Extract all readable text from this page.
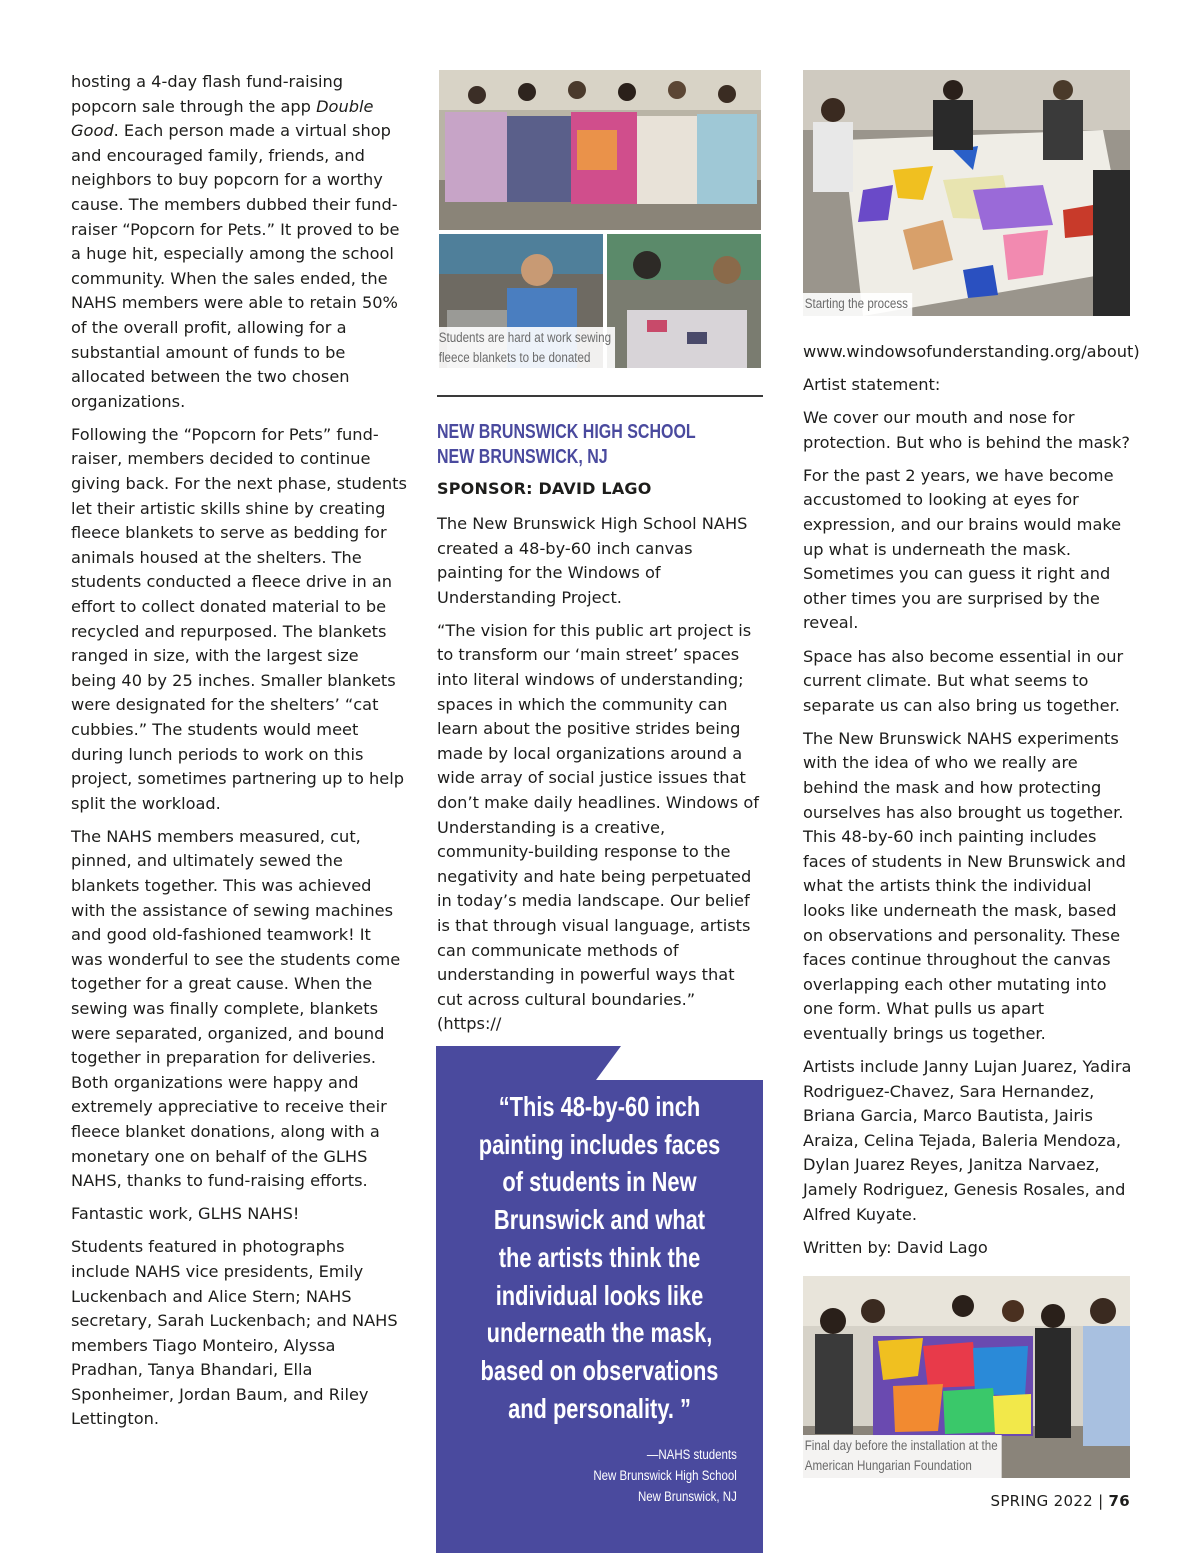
hosting a 4-day flash fund-raising popcorn sale through the app Double Good. Each person made a virtual shop and encouraged family, friends, and neighbors to buy popcorn for a worthy cause. The members dubbed their fund-raiser “Popcorn for Pets.” It proved to be a huge hit, especially among the school community. When the sales ended, the NAHS members were able to retain 50% of the overall profit, allowing for a substantial amount of funds to be allocated between the two chosen organizations.

Following the “Popcorn for Pets” fund-raiser, members decided to continue giving back. For the next phase, students let their artistic skills shine by creating fleece blankets to serve as bedding for animals housed at the shelters. The students conducted a fleece drive in an effort to collect donated material to be recycled and repurposed. The blankets ranged in size, with the largest size being 40 by 25 inches. Smaller blankets were designated for the shelters’ “cat cubbies.” The students would meet during lunch periods to work on this project, sometimes partnering up to help split the workload.

The NAHS members measured, cut, pinned, and ultimately sewed the blankets together. This was achieved with the assistance of sewing machines and good old-fashioned teamwork! It was wonderful to see the students come together for a great cause. When the sewing was finally complete, blankets were separated, organized, and bound together in preparation for deliveries. Both organizations were happy and extremely appreciative to receive their fleece blanket donations, along with a monetary one on behalf of the GLHS NAHS, thanks to fund-raising efforts.

Fantastic work, GLHS NAHS!

Students featured in photographs include NAHS vice presidents, Emily Luckenbach and Alice Stern; NAHS secretary, Sarah Luckenbach; and NAHS members Tiago Monteiro, Alyssa Pradhan, Tanya Bhandari, Ella Sponheimer, Jordan Baum, and Riley Lettington.

Students are hard at work sewing
fleece blankets to be donated
NEW BRUNSWICK HIGH SCHOOL
NEW BRUNSWICK, NJ
SPONSOR: DAVID LAGO

The New Brunswick High School NAHS created a 48-by-60 inch canvas painting for the Windows of Understanding Project.

“The vision for this public art project is to transform our ‘main street’ spaces into literal windows of understanding; spaces in which the community can learn about the positive strides being made by local organizations around a wide array of social justice issues that don’t make daily headlines. Windows of Understanding is a creative, community-building response to the negativity and hate being perpetuated in today’s media landscape. Our belief is that through visual language, artists can communicate methods of understanding in powerful ways that cut across cultural boundaries.” (https://

“This 48-by-60 inch
painting includes faces
of students in New
Brunswick and what
the artists think the
individual looks like
underneath the mask,
based on observations
and personality. ”
—NAHS students
New Brunswick High School
New Brunswick, NJ
Starting the process

www.windowsofunderstanding.org/about)

Artist statement:

We cover our mouth and nose for protection. But who is behind the mask?

For the past 2 years, we have become accustomed to looking at eyes for expression, and our brains would make up what is underneath the mask. Sometimes you can guess it right and other times you are surprised by the reveal.

Space has also become essential in our current climate. But what seems to separate us can also bring us together.

The New Brunswick NAHS experiments with the idea of who we really are behind the mask and how protecting ourselves has also brought us together. This 48-by-60 inch painting includes faces of students in New Brunswick and what the artists think the individual looks like underneath the mask, based on observations and personality. These faces continue throughout the canvas overlapping each other mutating into one form. What pulls us apart eventually brings us together.

Artists include Janny Lujan Juarez, Yadira Rodriguez-Chavez, Sara Hernandez, Briana Garcia, Marco Bautista, Jairis Araiza, Celina Tejada, Baleria Mendoza, Dylan Juarez Reyes, Janitza Narvaez, Jamely Rodriguez, Genesis Rosales, and Alfred Kuyate.

Written by: David Lago

Final day before the installation at the
American Hungarian Foundation
SPRING 2022 | 76
